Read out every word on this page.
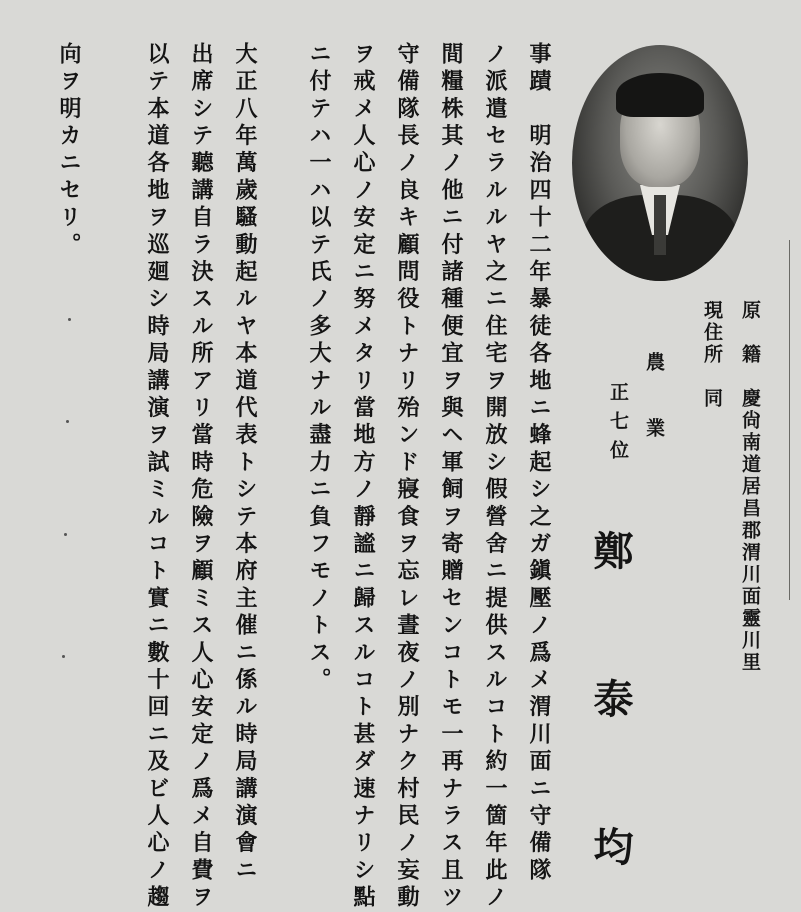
原　籍　慶尙南道居昌郡渭川面靈川里
現住所　同
農　業
正七位
鄭　泰　均
事蹟　明治四十二年暴徒各地ニ蜂起シ之ガ鎭壓ノ爲メ渭川面ニ守備隊
ノ派遣セラルルヤ之ニ住宅ヲ開放シ假營舍ニ提供スルコト約一箇年此ノ
間糧株其ノ他ニ付諸種便宜ヲ與ヘ軍飼ヲ寄贈センコトモ一再ナラス且ツ
守備隊長ノ良キ顧問役トナリ殆ンド寢食ヲ忘レ晝夜ノ別ナク村民ノ妄動
ヲ戒メ人心ノ安定ニ努メタリ當地方ノ靜謐ニ歸スルコト甚ダ速ナリシ點
ニ付テハ一ハ以テ氏ノ多大ナル盡力ニ負フモノトス。
大正八年萬歲騷動起ルヤ本道代表トシテ本府主催ニ係ル時局講演會ニ
出席シテ聽講自ラ決スル所アリ當時危險ヲ顧ミス人心安定ノ爲メ自費ヲ
以テ本道各地ヲ巡廻シ時局講演ヲ試ミルコト實ニ數十回ニ及ビ人心ノ趨
向ヲ明カニセリ。
